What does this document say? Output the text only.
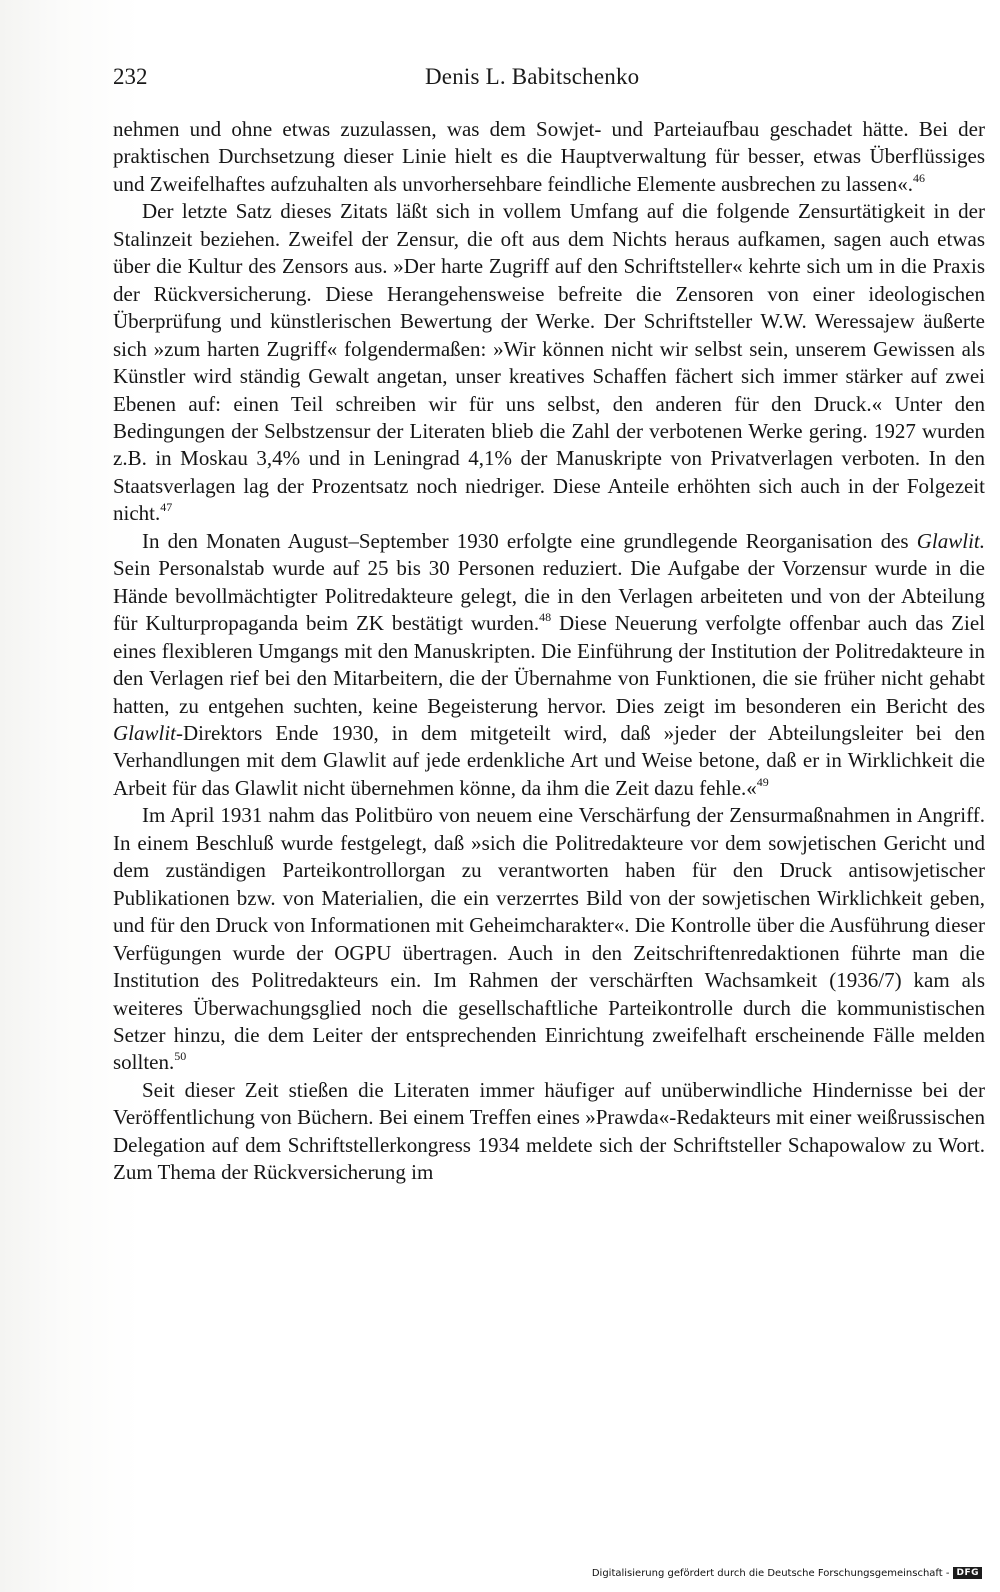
232	Denis L. Babitschenko

nehmen und ohne etwas zuzulassen, was dem Sowjet- und Parteiaufbau geschadet hätte. Bei der praktischen Durchsetzung dieser Linie hielt es die Hauptverwaltung für besser, etwas Überflüssiges und Zweifelhaftes aufzuhalten als unvorhersehbare feindliche Elemente ausbrechen zu lassen«.$^{46}$

Der letzte Satz dieses Zitats läßt sich in vollem Umfang auf die folgende Zensurtätigkeit in der Stalinzeit beziehen. Zweifel der Zensur, die oft aus dem Nichts heraus aufkamen, sagen auch etwas über die Kultur des Zensors aus. »Der harte Zugriff auf den Schriftsteller« kehrte sich um in die Praxis der Rückversicherung. Diese Herangehensweise befreite die Zensoren von einer ideologischen Überprüfung und künstlerischen Bewertung der Werke. Der Schriftsteller W.W. Weressajew äußerte sich »zum harten Zugriff« folgendermaßen: »Wir können nicht wir selbst sein, unserem Gewissen als Künstler wird ständig Gewalt angetan, unser kreatives Schaffen fächert sich immer stärker auf zwei Ebenen auf: einen Teil schreiben wir für uns selbst, den anderen für den Druck.« Unter den Bedingungen der Selbstzensur der Literaten blieb die Zahl der verbotenen Werke gering. 1927 wurden z.B. in Moskau 3,4% und in Leningrad 4,1% der Manuskripte von Privatverlagen verboten. In den Staatsverlagen lag der Prozentsatz noch niedriger. Diese Anteile erhöhten sich auch in der Folgezeit nicht.$^{47}$

In den Monaten August–September 1930 erfolgte eine grundlegende Reorganisation des Glawlit. Sein Personalstab wurde auf 25 bis 30 Personen reduziert. Die Aufgabe der Vorzensur wurde in die Hände bevollmächtigter Politredakteure gelegt, die in den Verlagen arbeiteten und von der Abteilung für Kulturpropaganda beim ZK bestätigt wurden.$^{48}$ Diese Neuerung verfolgte offenbar auch das Ziel eines flexibleren Umgangs mit den Manuskripten. Die Einführung der Institution der Politredakteure in den Verlagen rief bei den Mitarbeitern, die der Übernahme von Funktionen, die sie früher nicht gehabt hatten, zu entgehen suchten, keine Begeisterung hervor. Dies zeigt im besonderen ein Bericht des Glawlit-Direktors Ende 1930, in dem mitgeteilt wird, daß »jeder der Abteilungsleiter bei den Verhandlungen mit dem Glawlit auf jede erdenkliche Art und Weise betone, daß er in Wirklichkeit die Arbeit für das Glawlit nicht übernehmen könne, da ihm die Zeit dazu fehle.«$^{49}$

Im April 1931 nahm das Politbüro von neuem eine Verschärfung der Zensurmaßnahmen in Angriff. In einem Beschluß wurde festgelegt, daß »sich die Politredakteure vor dem sowjetischen Gericht und dem zuständigen Parteikontrollorgan zu verantworten haben für den Druck antisowjetischer Publikationen bzw. von Materialien, die ein verzerrtes Bild von der sowjetischen Wirklichkeit geben, und für den Druck von Informationen mit Geheimcharakter«. Die Kontrolle über die Ausführung dieser Verfügungen wurde der OGPU übertragen. Auch in den Zeitschriftenredaktionen führte man die Institution des Politredakteurs ein. Im Rahmen der verschärften Wachsamkeit (1936/7) kam als weiteres Überwachungsglied noch die gesellschaftliche Parteikontrolle durch die kommunistischen Setzer hinzu, die dem Leiter der entsprechenden Einrichtung zweifelhaft erscheinende Fälle melden sollten.$^{50}$

Seit dieser Zeit stießen die Literaten immer häufiger auf unüberwindliche Hindernisse bei der Veröffentlichung von Büchern. Bei einem Treffen eines »Prawda«-Redakteurs mit einer weißrussischen Delegation auf dem Schriftstellerkongress 1934 meldete sich der Schriftsteller Schapowalow zu Wort. Zum Thema der Rückversicherung im

Digitalisierung gefördert durch die Deutsche Forschungsgemeinschaft - DFG
